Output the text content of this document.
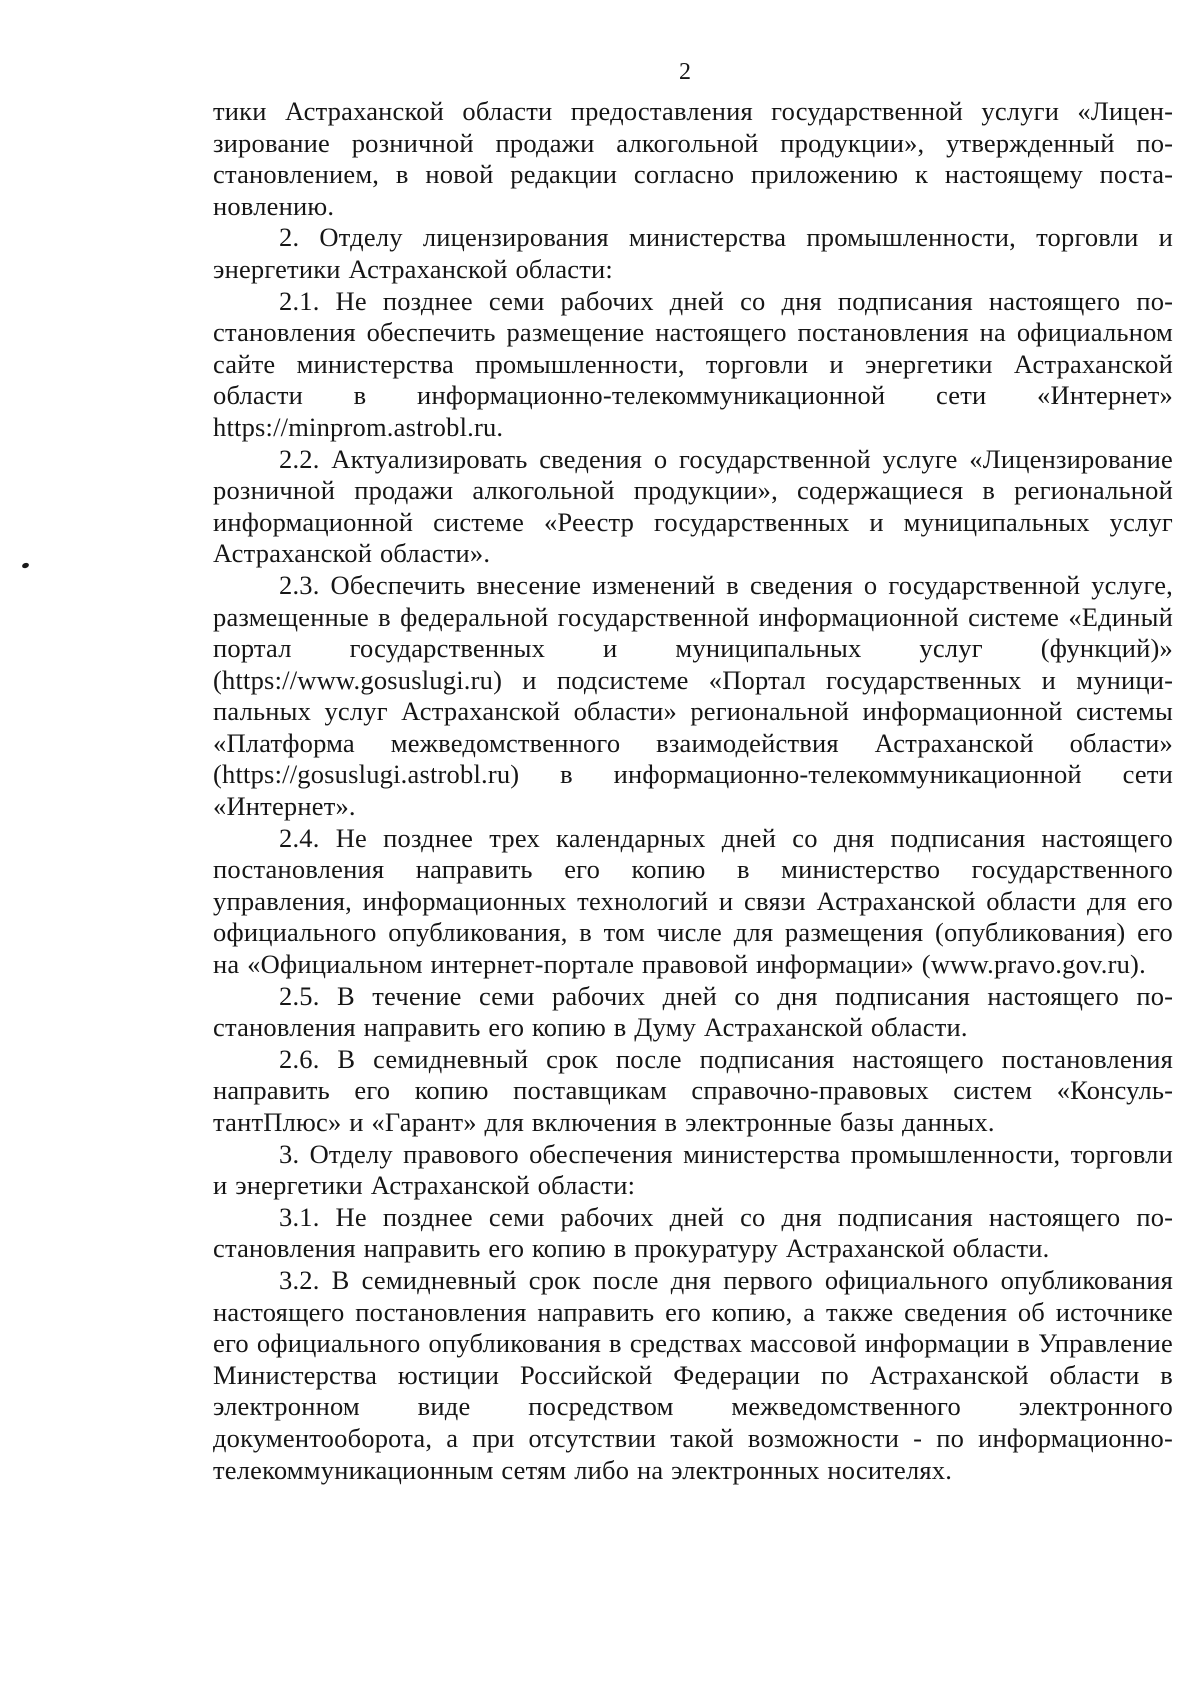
2

тики Астраханской области предоставления государственной услуги «Лицензирование розничной продажи алкогольной продукции», утвержденный постановлением, в новой редакции согласно приложению к настоящему постановлению.

2. Отделу лицензирования министерства промышленности, торговли и энергетики Астраханской области:

2.1. Не позднее семи рабочих дней со дня подписания настоящего постановления обеспечить размещение настоящего постановления на официальном сайте министерства промышленности, торговли и энергетики Астраханской области в информационно-телекоммуникационной сети «Интернет» https://minprom.astrobl.ru.

2.2. Актуализировать сведения о государственной услуге «Лицензирование розничной продажи алкогольной продукции», содержащиеся в региональной информационной системе «Реестр государственных и муниципальных услуг Астраханской области».

2.3. Обеспечить внесение изменений в сведения о государственной услуге, размещенные в федеральной государственной информационной системе «Единый портал государственных и муниципальных услуг (функций)» (https://www.gosuslugi.ru) и подсистеме «Портал государственных и муниципальных услуг Астраханской области» региональной информационной системы «Платформа межведомственного взаимодействия Астраханской области» (https://gosuslugi.astrobl.ru) в информационно-телекоммуникационной сети «Интернет».

2.4. Не позднее трех календарных дней со дня подписания настоящего постановления направить его копию в министерство государственного управления, информационных технологий и связи Астраханской области для его официального опубликования, в том числе для размещения (опубликования) его на «Официальном интернет-портале правовой информации» (www.pravo.gov.ru).

2.5. В течение семи рабочих дней со дня подписания настоящего постановления направить его копию в Думу Астраханской области.

2.6. В семидневный срок после подписания настоящего постановления направить его копию поставщикам справочно-правовых систем «КонсультантПлюс» и «Гарант» для включения в электронные базы данных.

3. Отделу правового обеспечения министерства промышленности, торговли и энергетики Астраханской области:

3.1. Не позднее семи рабочих дней со дня подписания настоящего постановления направить его копию в прокуратуру Астраханской области.

3.2. В семидневный срок после дня первого официального опубликования настоящего постановления направить его копию, а также сведения об источнике его официального опубликования в средствах массовой информации в Управление Министерства юстиции Российской Федерации по Астраханской области в электронном виде посредством межведомственного электронного документооборота, а при отсутствии такой возможности - по информационно-телекоммуникационным сетям либо на электронных носителях.
